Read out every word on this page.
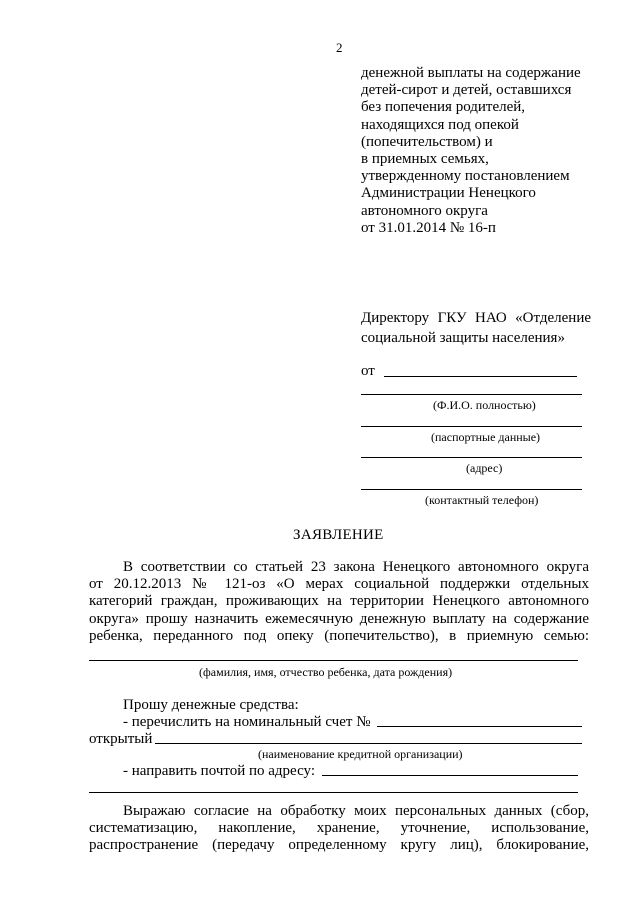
2
денежной выплаты на содержание
детей-сирот и детей, оставшихся
без попечения родителей,
находящихся под опекой
(попечительством) и
в приемных семьях,
утвержденному постановлением
Администрации Ненецкого
автономного округа
от 31.01.2014 № 16-п
Директору ГКУ НАО «Отделение
социальной защиты населения»
от
(Ф.И.О. полностью)
(паспортные данные)
(адрес)
(контактный телефон)
ЗАЯВЛЕНИЕ
В соответствии со статьей 23 закона Ненецкого автономного округа
от 20.12.2013 № 121-оз «О мерах социальной поддержки отдельных
категорий граждан, проживающих на территории Ненецкого автономного
округа» прошу назначить ежемесячную денежную выплату на содержание
ребенка, переданного под опеку (попечительство), в приемную семью:
(фамилия, имя, отчество ребенка, дата рождения)
Прошу денежные средства:
- перечислить на номинальный счет №
открытый
(наименование кредитной организации)
- направить почтой по адресу:
Выражаю согласие на обработку моих персональных данных (сбор,
систематизацию, накопление, хранение, уточнение, использование,
распространение (передачу определенному кругу лиц), блокирование,
